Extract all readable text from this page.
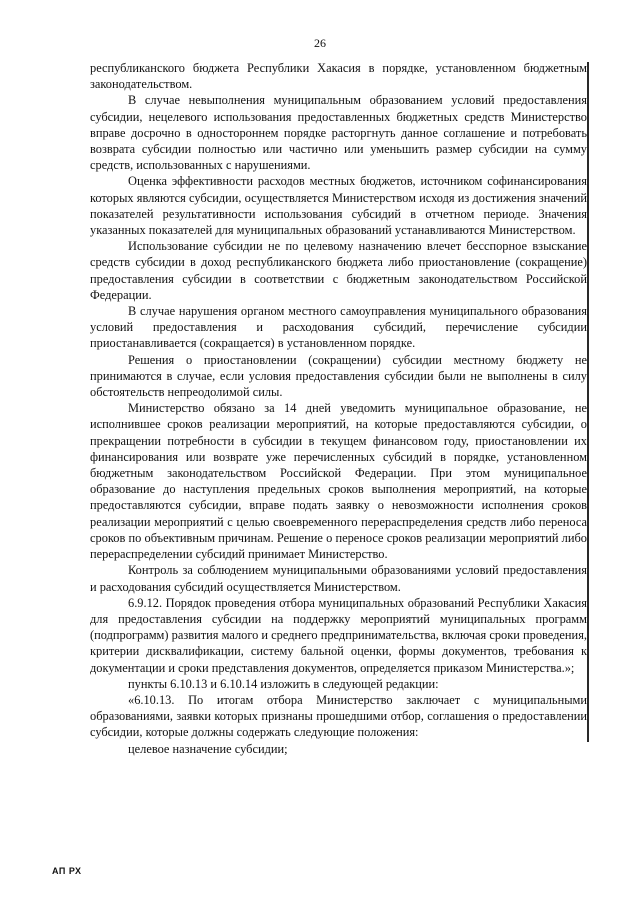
26

республиканского бюджета Республики Хакасия в порядке, установленном бюджетным законодательством.

В случае невыполнения муниципальным образованием условий предоставления субсидии, нецелевого использования предоставленных бюджетных средств Министерство вправе досрочно в одностороннем порядке расторгнуть данное соглашение и потребовать возврата субсидии полностью или частично или уменьшить размер субсидии на сумму средств, использованных с нарушениями.

Оценка эффективности расходов местных бюджетов, источником софинансирования которых являются субсидии, осуществляется Министерством исходя из достижения значений показателей результативности использования субсидий в отчетном периоде. Значения указанных показателей для муниципальных образований устанавливаются Министерством.

Использование субсидии не по целевому назначению влечет бесспорное взыскание средств субсидии в доход республиканского бюджета либо приостановление (сокращение) предоставления субсидии в соответствии с бюджетным законодательством Российской Федерации.

В случае нарушения органом местного самоуправления муниципального образования условий предоставления и расходования субсидий, перечисление субсидии приостанавливается (сокращается) в установленном порядке.

Решения о приостановлении (сокращении) субсидии местному бюджету не принимаются в случае, если условия предоставления субсидии были не выполнены в силу обстоятельств непреодолимой силы.

Министерство обязано за 14 дней уведомить муниципальное образование, не исполнившее сроков реализации мероприятий, на которые предоставляются субсидии, о прекращении потребности в субсидии в текущем финансовом году, приостановлении их финансирования или возврате уже перечисленных субсидий в порядке, установленном бюджетным законодательством Российской Федерации. При этом муниципальное образование до наступления предельных сроков выполнения мероприятий, на которые предоставляются субсидии, вправе подать заявку о невозможности исполнения сроков реализации мероприятий с целью своевременного перераспределения средств либо переноса сроков по объективным причинам. Решение о переносе сроков реализации мероприятий либо перераспределении субсидий принимает Министерство.

Контроль за соблюдением муниципальными образованиями условий предоставления и расходования субсидий осуществляется Министерством.

6.9.12. Порядок проведения отбора муниципальных образований Республики Хакасия для предоставления субсидии на поддержку мероприятий муниципальных программ (подпрограмм) развития малого и среднего предпринимательства, включая сроки проведения, критерии дисквалификации, систему бальной оценки, формы документов, требования к документации и сроки представления документов, определяется приказом Министерства.»;

пункты 6.10.13 и 6.10.14 изложить в следующей редакции:

«6.10.13. По итогам отбора Министерство заключает с муниципальными образованиями, заявки которых признаны прошедшими отбор, соглашения о предоставлении субсидии, которые должны содержать следующие положения:

целевое назначение субсидии;

АП РХ
